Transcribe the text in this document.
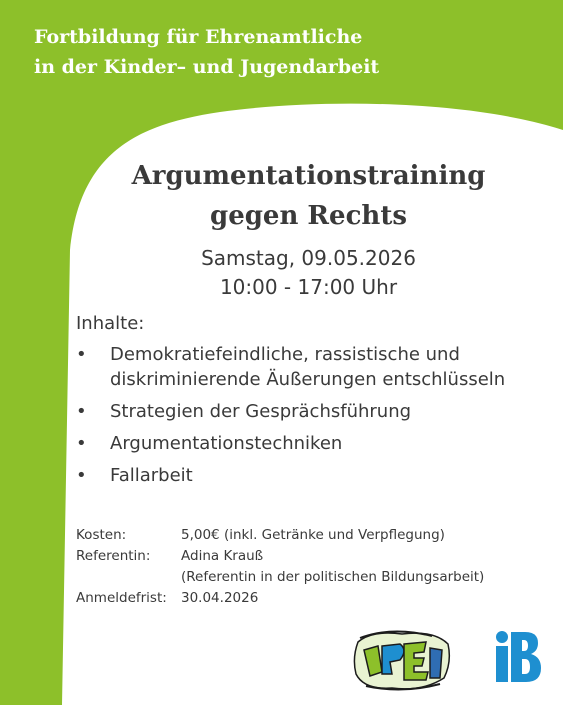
Fortbildung für Ehrenamtliche
in der Kinder– und Jugendarbeit
Argumentationstraining
gegen Rechts
Samstag, 09.05.2026
10:00 - 17:00 Uhr
Inhalte:
• Demokratiefeindliche, rassistische und diskriminierende Äußerungen entschlüsseln
• Strategien der Gesprächsführung
• Argumentationstechniken
• Fallarbeit
Kosten:	5,00€ (inkl. Getränke und Verpflegung)
Referentin:	Adina Krauß
(Referentin in der politischen Bildungsarbeit)
Anmeldefrist:	30.04.2026
